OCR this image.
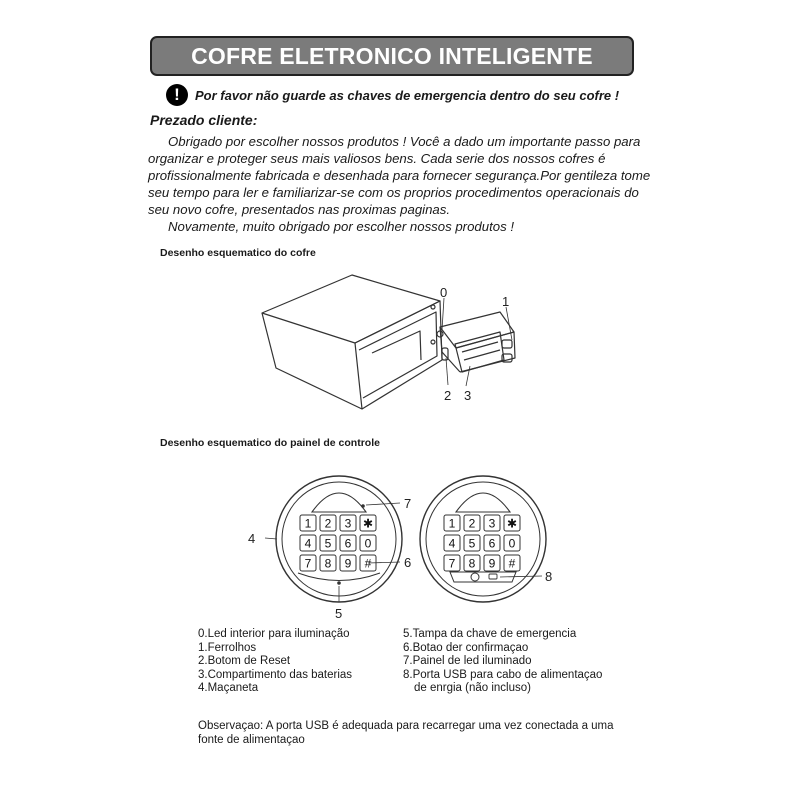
COFRE ELETRONICO INTELIGENTE
!	Por favor não guarde as chaves de emergencia dentro do seu cofre !
Prezado cliente:
Obrigado por escolher nossos produtos ! Você a dado um importante passo para
organizar e proteger seus mais valiosos bens. Cada serie dos nossos cofres é
profissionalmente fabricada e desenhada para fornecer segurança.Por gentileza tome
seu tempo para ler e familiarizar-se com os proprios procedimentos operacionais do
seu novo cofre, presentados nas proximas paginas.
Novamente, muito obrigado por escolher nossos produtos !
Desenho esquematico do cofre
Desenho esquematico do painel de controle
0
1
2 3
1 2 3 ✱
4 5 6 0
7 8 9 #
7
6
4
5
1 2 3 ✱
4 5 6 0
7 8 9 #
8
0.Led interior para iluminação
1.Ferrolhos
2.Botom de Reset
3.Compartimento das baterias
4.Maçaneta
5.Tampa da chave de emergencia
6.Botao der confirmaçao
7.Painel de led iluminado
8.Porta USB para cabo de alimentaçao
de enrgia (não incluso)
Observaçao: A porta USB é adequada para recarregar uma vez conectada a uma
fonte de alimentaçao
